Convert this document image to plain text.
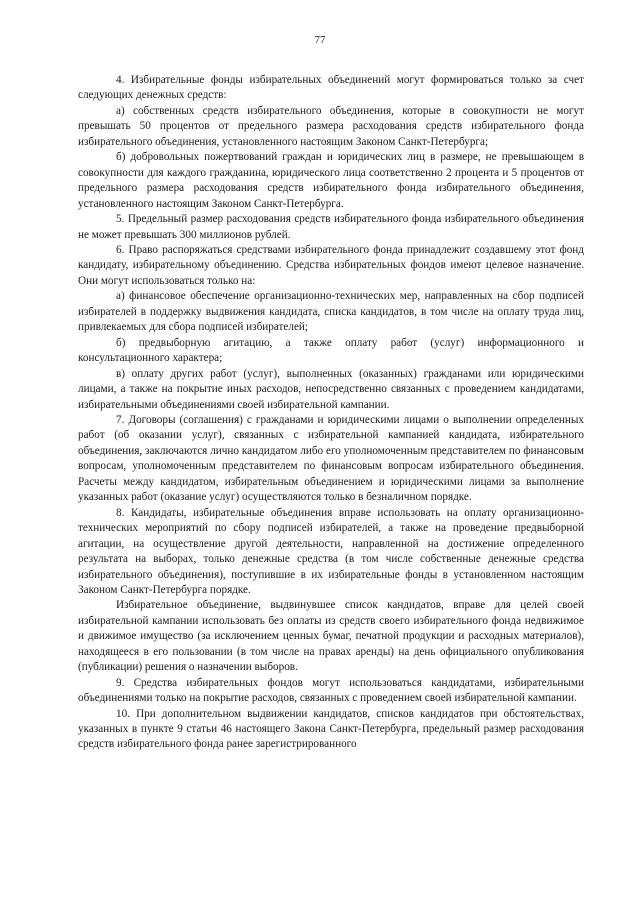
77

4. Избирательные фонды избирательных объединений могут формироваться только за счет следующих денежных средств:

а) собственных средств избирательного объединения, которые в совокупности не могут превышать 50 процентов от предельного размера расходования средств избирательного фонда избирательного объединения, установленного настоящим Законом Санкт-Петербурга;

б) добровольных пожертвований граждан и юридических лиц в размере, не превышающем в совокупности для каждого гражданина, юридического лица соответственно 2 процента и 5 процентов от предельного размера расходования средств избирательного фонда избирательного объединения, установленного настоящим Законом Санкт-Петербурга.

5. Предельный размер расходования средств избирательного фонда избирательного объединения не может превышать 300 миллионов рублей.

6. Право распоряжаться средствами избирательного фонда принадлежит создавшему этот фонд кандидату, избирательному объединению. Средства избирательных фондов имеют целевое назначение. Они могут использоваться только на:

а) финансовое обеспечение организационно-технических мер, направленных на сбор подписей избирателей в поддержку выдвижения кандидата, списка кандидатов, в том числе на оплату труда лиц, привлекаемых для сбора подписей избирателей;

б) предвыборную агитацию, а также оплату работ (услуг) информационного и консультационного характера;

в) оплату других работ (услуг), выполненных (оказанных) гражданами или юридическими лицами, а также на покрытие иных расходов, непосредственно связанных с проведением кандидатами, избирательными объединениями своей избирательной кампании.

7. Договоры (соглашения) с гражданами и юридическими лицами о выполнении определенных работ (об оказании услуг), связанных с избирательной кампанией кандидата, избирательного объединения, заключаются лично кандидатом либо его уполномоченным представителем по финансовым вопросам, уполномоченным представителем по финансовым вопросам избирательного объединения. Расчеты между кандидатом, избирательным объединением и юридическими лицами за выполнение указанных работ (оказание услуг) осуществляются только в безналичном порядке.

8. Кандидаты, избирательные объединения вправе использовать на оплату организационно-технических мероприятий по сбору подписей избирателей, а также на проведение предвыборной агитации, на осуществление другой деятельности, направленной на достижение определенного результата на выборах, только денежные средства (в том числе собственные денежные средства избирательного объединения), поступившие в их избирательные фонды в установленном настоящим Законом Санкт-Петербурга порядке.

Избирательное объединение, выдвинувшее список кандидатов, вправе для целей своей избирательной кампании использовать без оплаты из средств своего избирательного фонда недвижимое и движимое имущество (за исключением ценных бумаг, печатной продукции и расходных материалов), находящееся в его пользовании (в том числе на правах аренды) на день официального опубликования (публикации) решения о назначении выборов.

9. Средства избирательных фондов могут использоваться кандидатами, избирательными объединениями только на покрытие расходов, связанных с проведением своей избирательной кампании.

10. При дополнительном выдвижении кандидатов, списков кандидатов при обстоятельствах, указанных в пункте 9 статьи 46 настоящего Закона Санкт-Петербурга, предельный размер расходования средств избирательного фонда ранее зарегистрированного
